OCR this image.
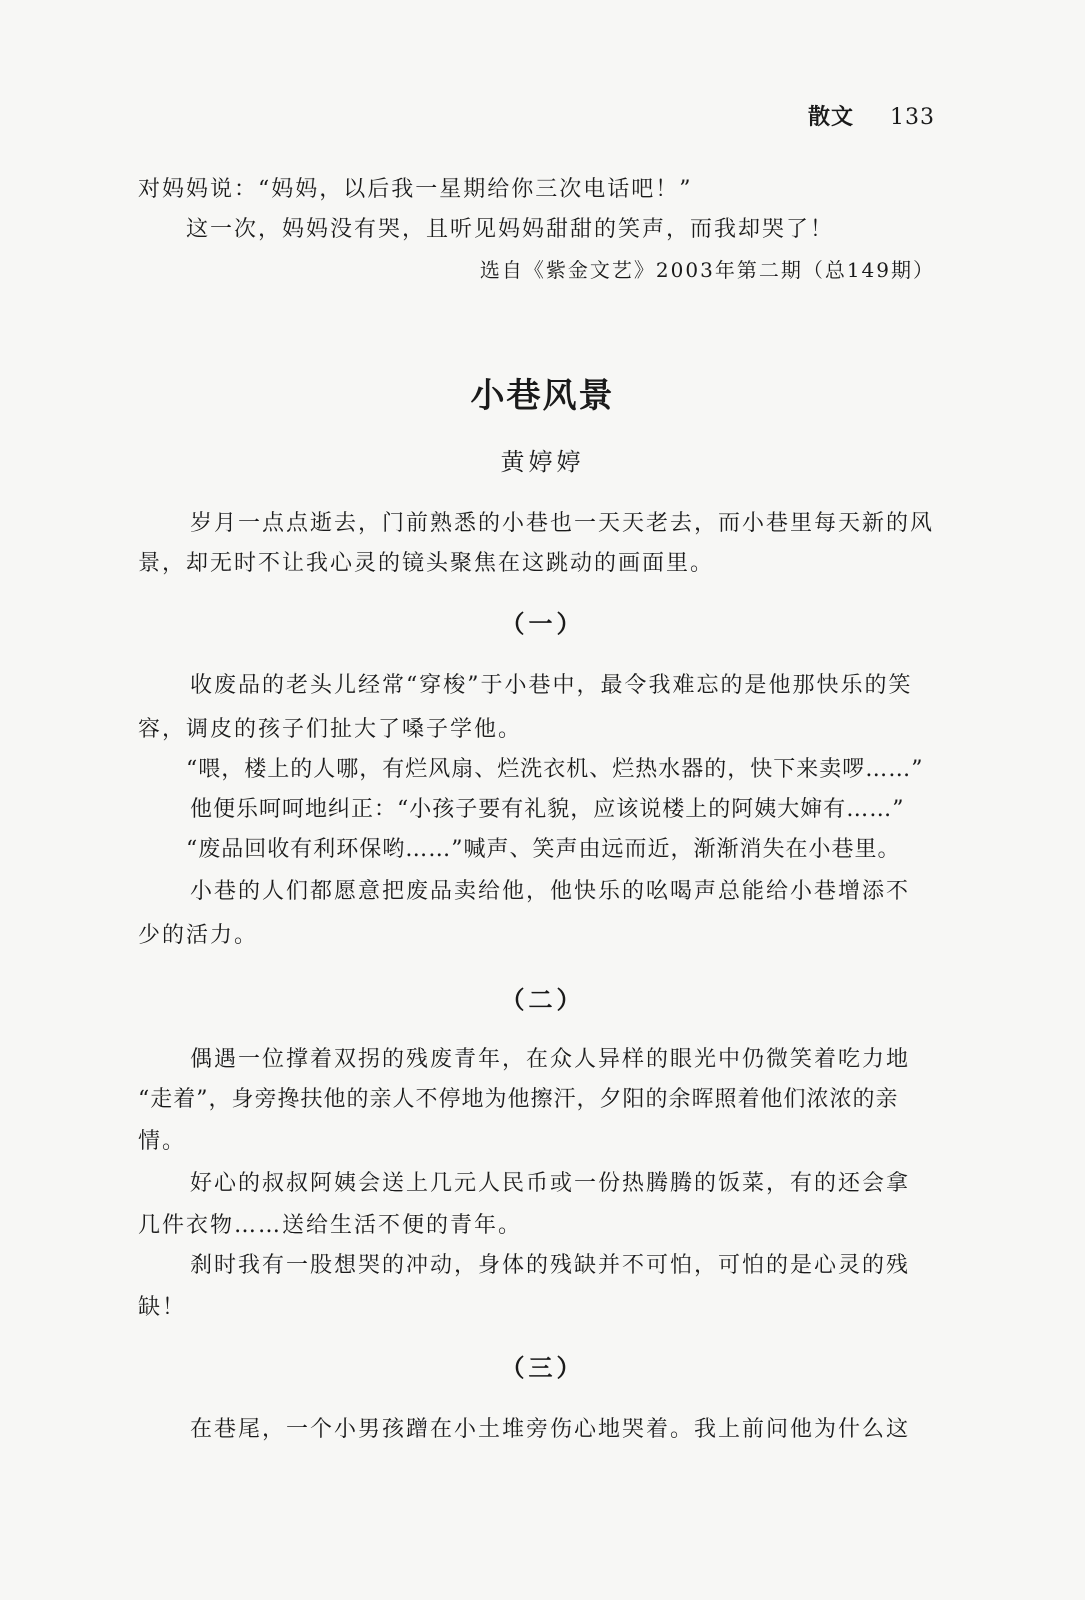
散文 133
对妈妈说：“妈妈，以后我一星期给你三次电话吧！”
这一次，妈妈没有哭，且听见妈妈甜甜的笑声，而我却哭了！
选自《紫金文艺》2003年第二期（总149期）
小巷风景
黄婷婷
岁月一点点逝去，门前熟悉的小巷也一天天老去，而小巷里每天新的风
景，却无时不让我心灵的镜头聚焦在这跳动的画面里。
（一）
收废品的老头儿经常“穿梭”于小巷中，最令我难忘的是他那快乐的笑
容，调皮的孩子们扯大了嗓子学他。
“喂，楼上的人哪，有烂风扇、烂洗衣机、烂热水器的，快下来卖啰……”
他便乐呵呵地纠正：“小孩子要有礼貌，应该说楼上的阿姨大婶有……”
“废品回收有利环保哟……”喊声、笑声由远而近，渐渐消失在小巷里。
小巷的人们都愿意把废品卖给他，他快乐的吆喝声总能给小巷增添不
少的活力。
（二）
偶遇一位撑着双拐的残废青年，在众人异样的眼光中仍微笑着吃力地
“走着”，身旁搀扶他的亲人不停地为他擦汗，夕阳的余晖照着他们浓浓的亲
情。
好心的叔叔阿姨会送上几元人民币或一份热腾腾的饭菜，有的还会拿
几件衣物……送给生活不便的青年。
刹时我有一股想哭的冲动，身体的残缺并不可怕，可怕的是心灵的残
缺！
（三）
在巷尾，一个小男孩蹭在小土堆旁伤心地哭着。我上前问他为什么这
